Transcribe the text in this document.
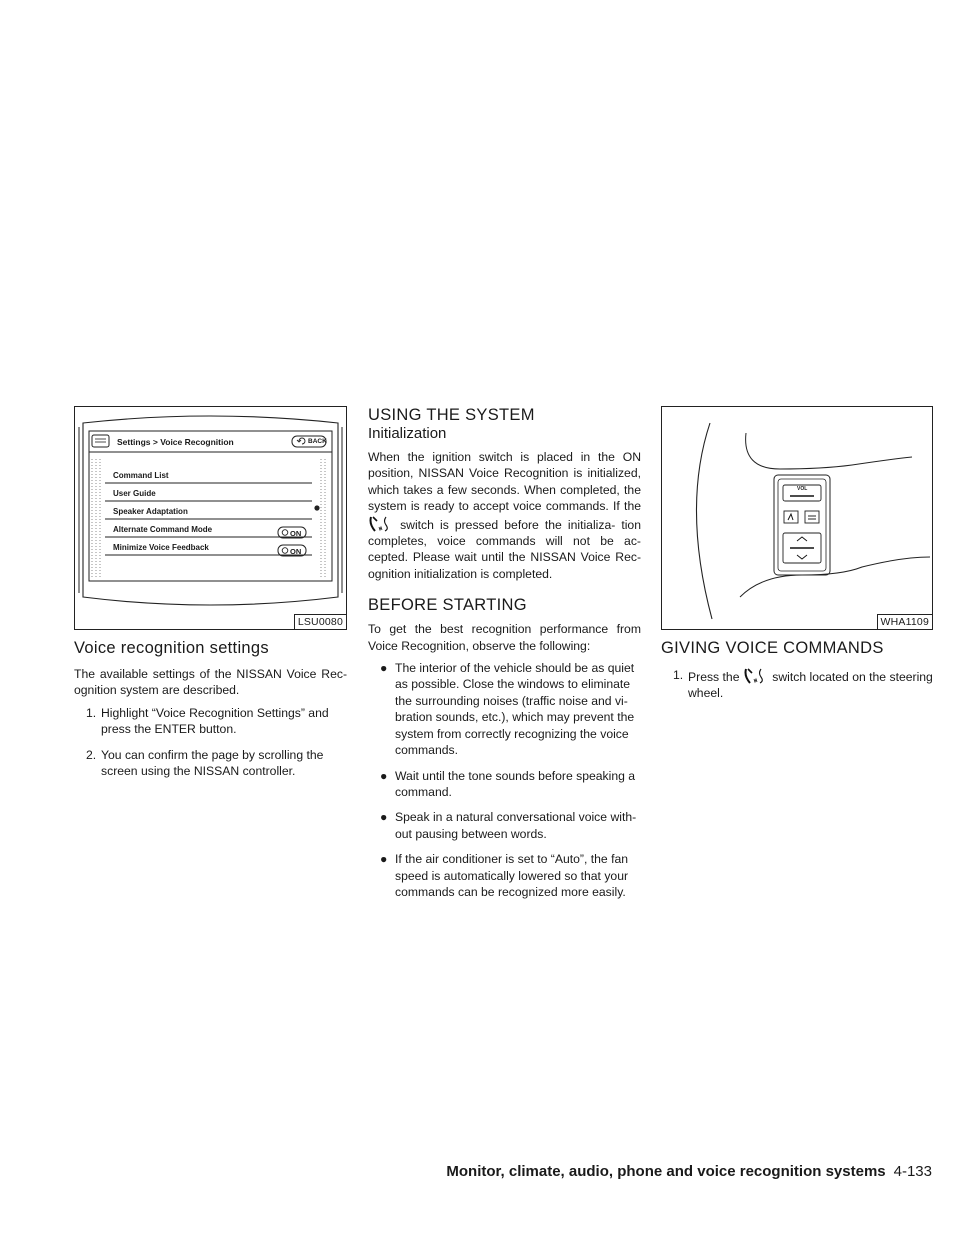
Settings > Voice Recognition	BACK
Command List
User Guide
Speaker Adaptation
Alternate Command Mode
Minimize Voice Feedback
ON
ON
LSU0080
Voice recognition settings

The available settings of the NISSAN Voice Rec- ognition system are described.

1. Highlight “Voice Recognition Settings” and press the ENTER button.
2. You can confirm the page by scrolling the screen using the NISSAN controller.
USING THE SYSTEM
Initialization

When the ignition switch is placed in the ON position, NISSAN Voice Recognition is initialized, which takes a few seconds. When completed, the system is ready to accept voice commands. If the  switch is pressed before the initializa- tion completes, voice commands will not be ac- cepted. Please wait until the NISSAN Voice Rec- ognition initialization is completed.

BEFORE STARTING

To get the best recognition performance from Voice Recognition, observe the following:

● The interior of the vehicle should be as quiet as possible. Close the windows to eliminate the surrounding noises (traffic noise and vi- bration sounds, etc.), which may prevent the system from correctly recognizing the voice commands.
● Wait until the tone sounds before speaking a command.
● Speak in a natural conversational voice with- out pausing between words.
● If the air conditioner is set to “Auto”, the fan speed is automatically lowered so that your commands can be recognized more easily.
VOL
WHA1109
GIVING VOICE COMMANDS
1. Press the	switch located on the steering wheel.
Monitor, climate, audio, phone and voice recognition systems 4-133
